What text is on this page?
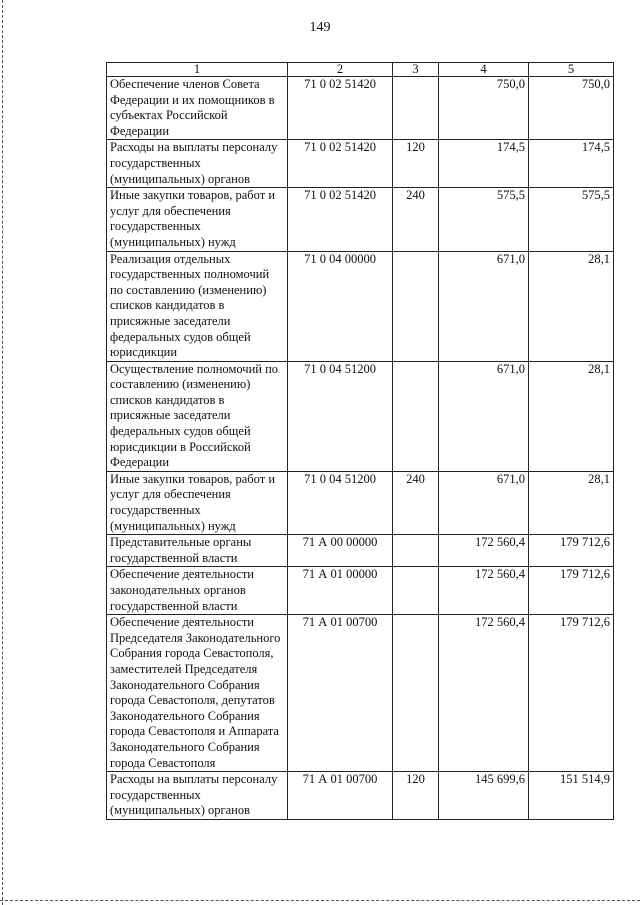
149
1	2	3	4	5
Обеспечение членов Совета Федерации и их помощников в субъектах Российской Федерации	71 0 02 51420		750,0	750,0
Расходы на выплаты персоналу государственных (муниципальных) органов	71 0 02 51420	120	174,5	174,5
Иные закупки товаров, работ и услуг для обеспечения государственных (муниципальных) нужд	71 0 02 51420	240	575,5	575,5
Реализация отдельных государственных полномочий по составлению (изменению) списков кандидатов в присяжные заседатели федеральных судов общей юрисдикции	71 0 04 00000		671,0	28,1
Осуществление полномочий по составлению (изменению) списков кандидатов в присяжные заседатели федеральных судов общей юрисдикции в Российской Федерации	71 0 04 51200		671,0	28,1
Иные закупки товаров, работ и услуг для обеспечения государственных (муниципальных) нужд	71 0 04 51200	240	671,0	28,1
Представительные органы государственной власти	71 А 00 00000		172 560,4	179 712,6
Обеспечение деятельности законодательных органов государственной власти	71 А 01 00000		172 560,4	179 712,6
Обеспечение деятельности Председателя Законодательного Собрания города Севастополя, заместителей Председателя Законодательного Собрания города Севастополя, депутатов Законодательного Собрания города Севастополя и Аппарата Законодательного Собрания города Севастополя	71 А 01 00700		172 560,4	179 712,6
Расходы на выплаты персоналу государственных (муниципальных) органов	71 А 01 00700	120	145 699,6	151 514,9
